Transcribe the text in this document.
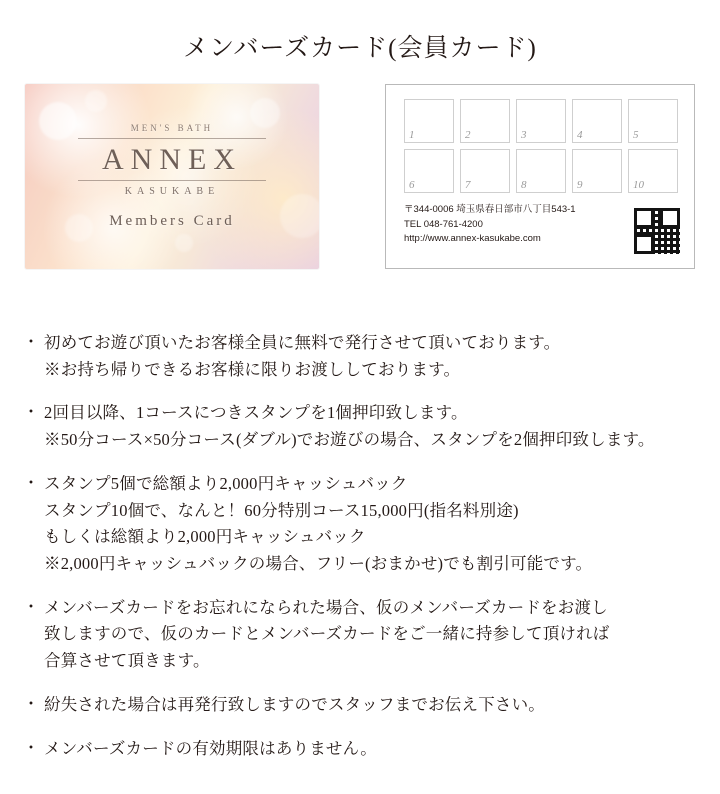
メンバーズカード(会員カード)
MEN'S BATH
ANNEX
KASUKABE
Members Card
1	2	3	4	5
6	7	8	9	10
〒344-0006 埼玉県春日部市八丁目543-1
TEL 048-761-4200
http://www.annex-kasukabe.com
・ 初めてお遊び頂いたお客様全員に無料で発行させて頂いております。
※お持ち帰りできるお客様に限りお渡ししております。
・ 2回目以降、1コースにつきスタンプを1個押印致します。
※50分コース×50分コース(ダブル)でお遊びの場合、スタンプを2個押印致します。
・ スタンプ5個で総額より2,000円キャッシュバック
スタンプ10個で、なんと！60分特別コース15,000円(指名料別途)
もしくは総額より2,000円キャッシュバック
※2,000円キャッシュバックの場合、フリー(おまかせ)でも割引可能です。
・ メンバーズカードをお忘れになられた場合、仮のメンバーズカードをお渡し
致しますので、仮のカードとメンバーズカードをご一緒に持参して頂ければ
合算させて頂きます。
・ 紛失された場合は再発行致しますのでスタッフまでお伝え下さい。
・ メンバーズカードの有効期限はありません。
